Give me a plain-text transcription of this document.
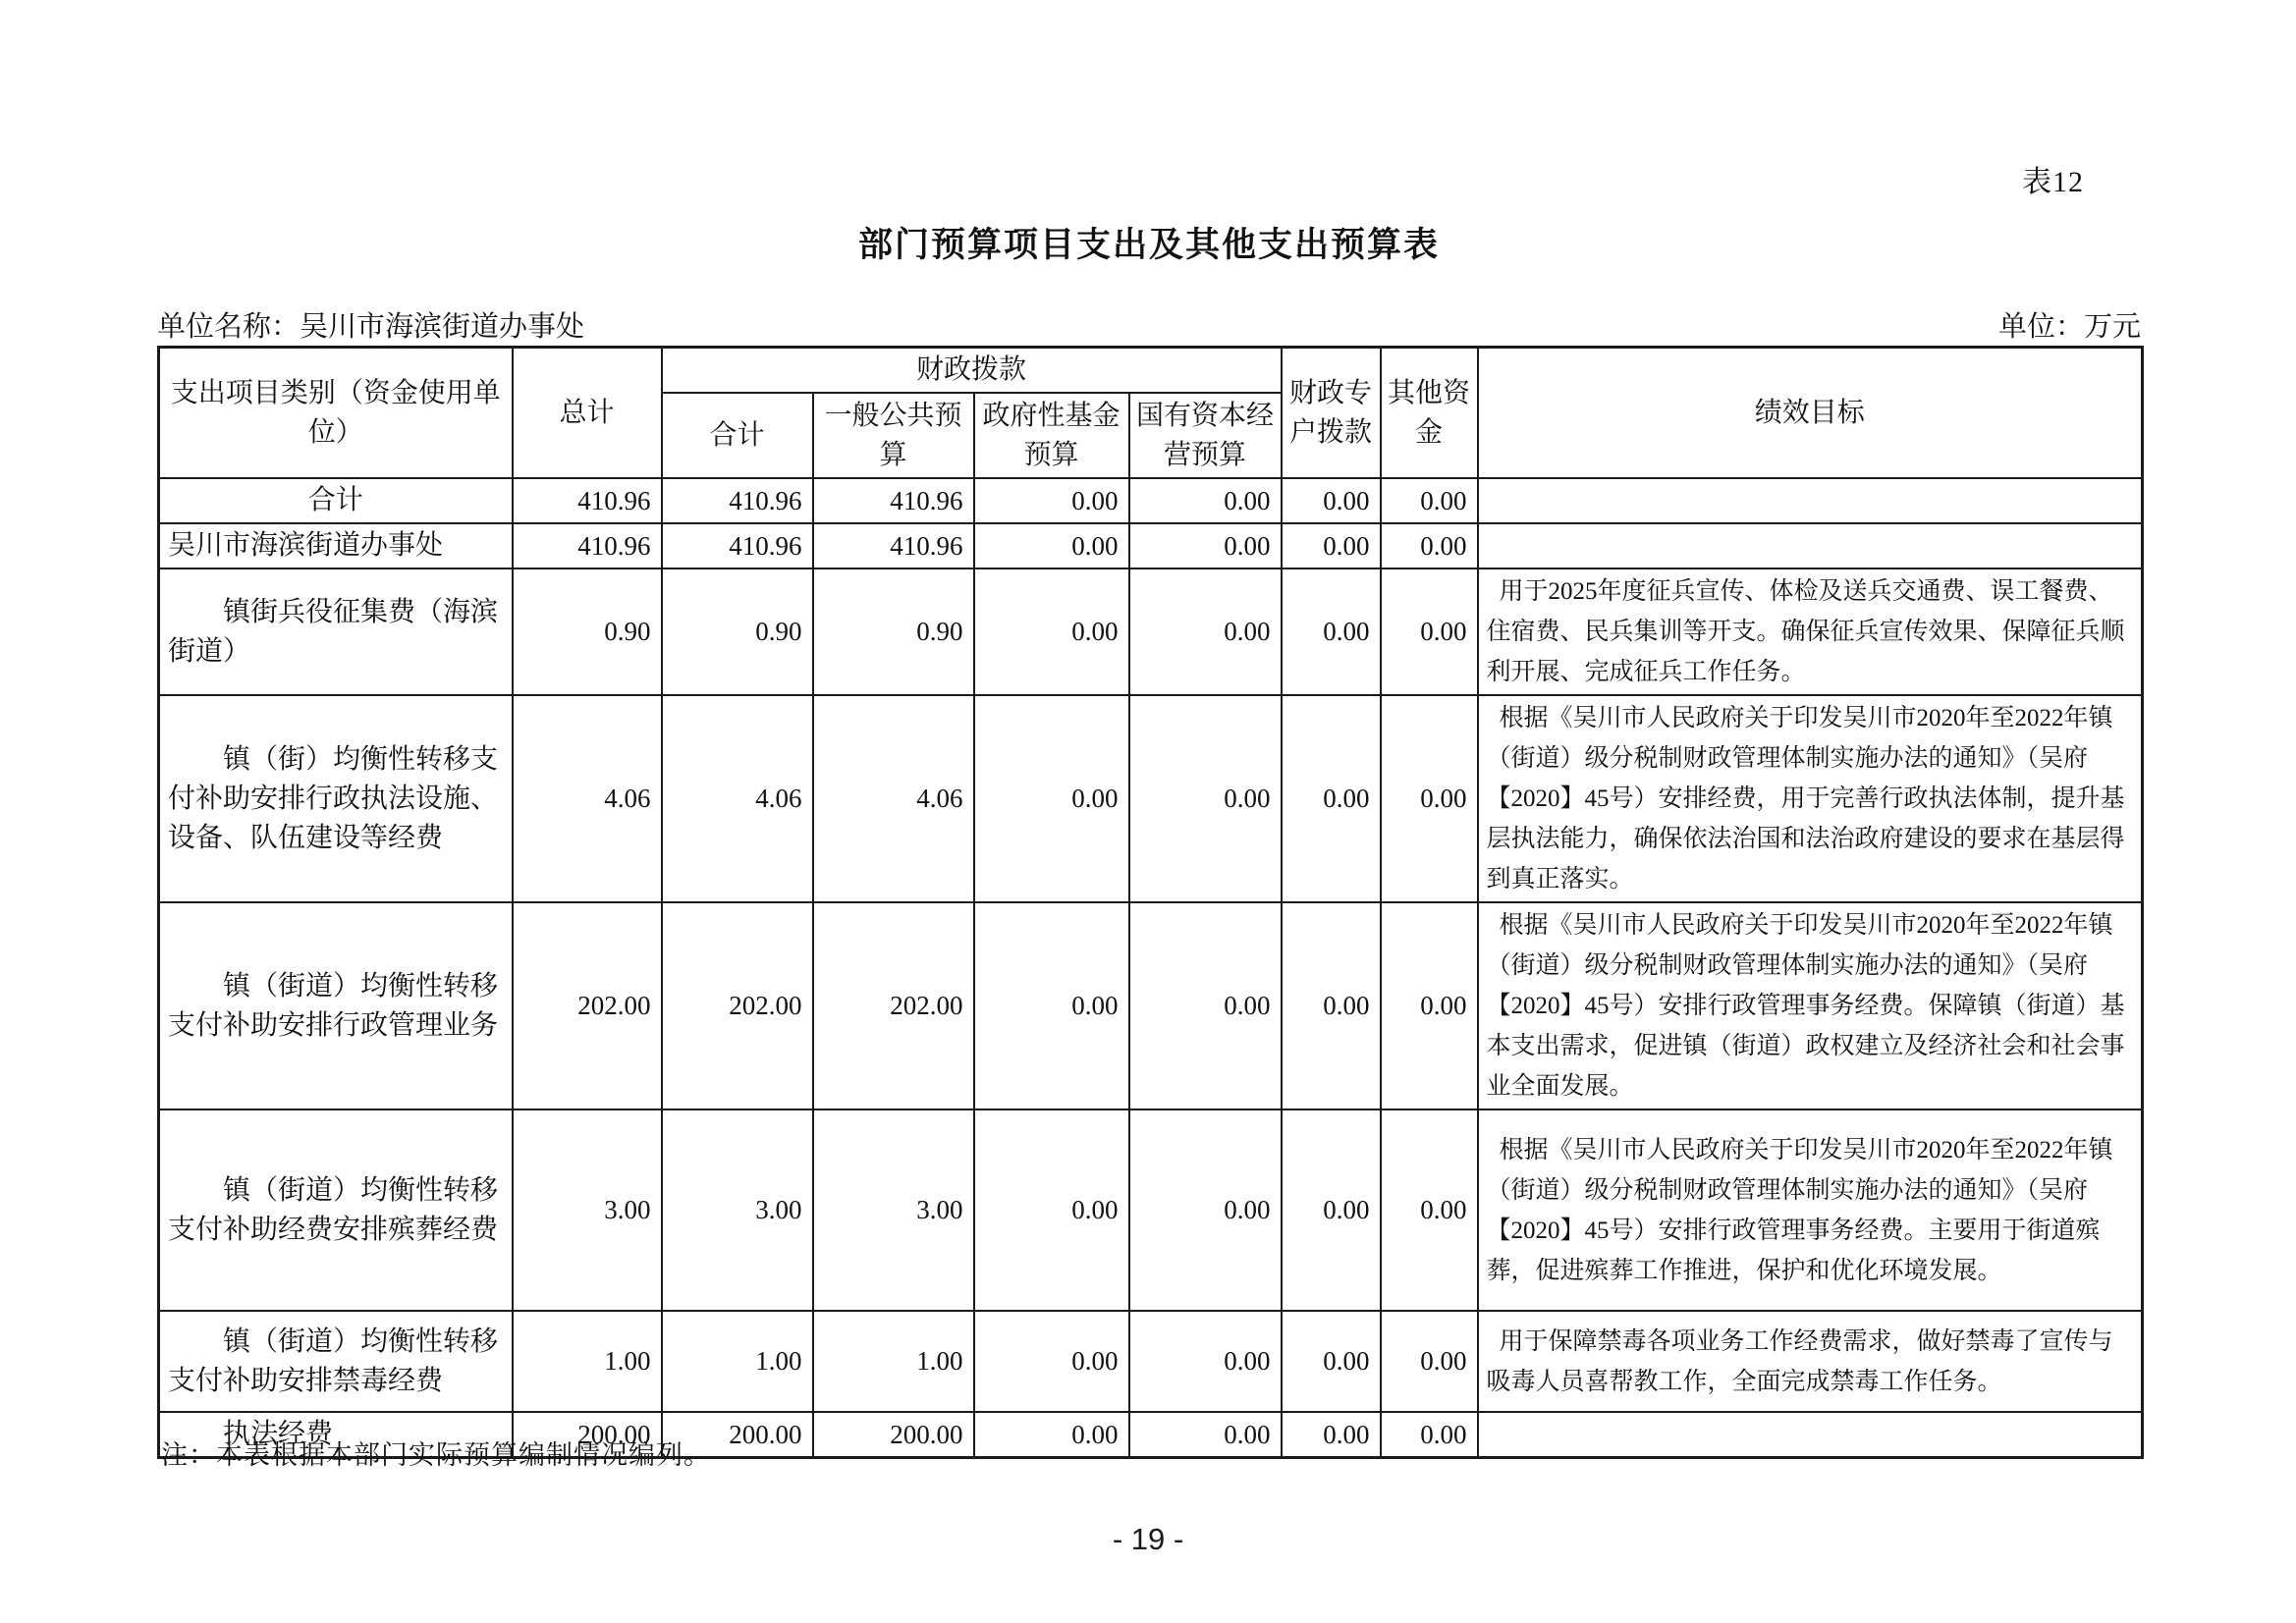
表12
部门预算项目支出及其他支出预算表
单位名称：吴川市海滨街道办事处	单位：万元
支出项目类别（资金使用单位）	总计	财政拨款				财政专户拨款	其他资金	绩效目标
		合计	一般公共预算	政府性基金预算	国有资本经营预算			
合计	410.96	410.96	410.96	0.00	0.00	0.00	0.00	
吴川市海滨街道办事处	410.96	410.96	410.96	0.00	0.00	0.00	0.00	
镇街兵役征集费（海滨街道）	0.90	0.90	0.90	0.00	0.00	0.00	0.00	用于2025年度征兵宣传、体检及送兵交通费、误工餐费、住宿费、民兵集训等开支。确保征兵宣传效果、保障征兵顺利开展、完成征兵工作任务。
镇（街）均衡性转移支付补助安排行政执法设施、设备、队伍建设等经费	4.06	4.06	4.06	0.00	0.00	0.00	0.00	根据《吴川市人民政府关于印发吴川市2020年至2022年镇（街道）级分税制财政管理体制实施办法的通知》（吴府【2020】45号）安排经费，用于完善行政执法体制，提升基层执法能力，确保依法治国和法治政府建设的要求在基层得到真正落实。
镇（街道）均衡性转移支付补助安排行政管理业务	202.00	202.00	202.00	0.00	0.00	0.00	0.00	根据《吴川市人民政府关于印发吴川市2020年至2022年镇（街道）级分税制财政管理体制实施办法的通知》（吴府【2020】45号）安排行政管理事务经费。保障镇（街道）基本支出需求，促进镇（街道）政权建立及经济社会和社会事业全面发展。
镇（街道）均衡性转移支付补助经费安排殡葬经费	3.00	3.00	3.00	0.00	0.00	0.00	0.00	根据《吴川市人民政府关于印发吴川市2020年至2022年镇（街道）级分税制财政管理体制实施办法的通知》（吴府【2020】45号）安排行政管理事务经费。主要用于街道殡葬，促进殡葬工作推进，保护和优化环境发展。
镇（街道）均衡性转移支付补助安排禁毒经费	1.00	1.00	1.00	0.00	0.00	0.00	0.00	用于保障禁毒各项业务工作经费需求，做好禁毒了宣传与吸毒人员喜帮教工作，全面完成禁毒工作任务。
执法经费	200.00	200.00	200.00	0.00	0.00	0.00	0.00	
注：本表根据本部门实际预算编制情况编列。
- 19 -
